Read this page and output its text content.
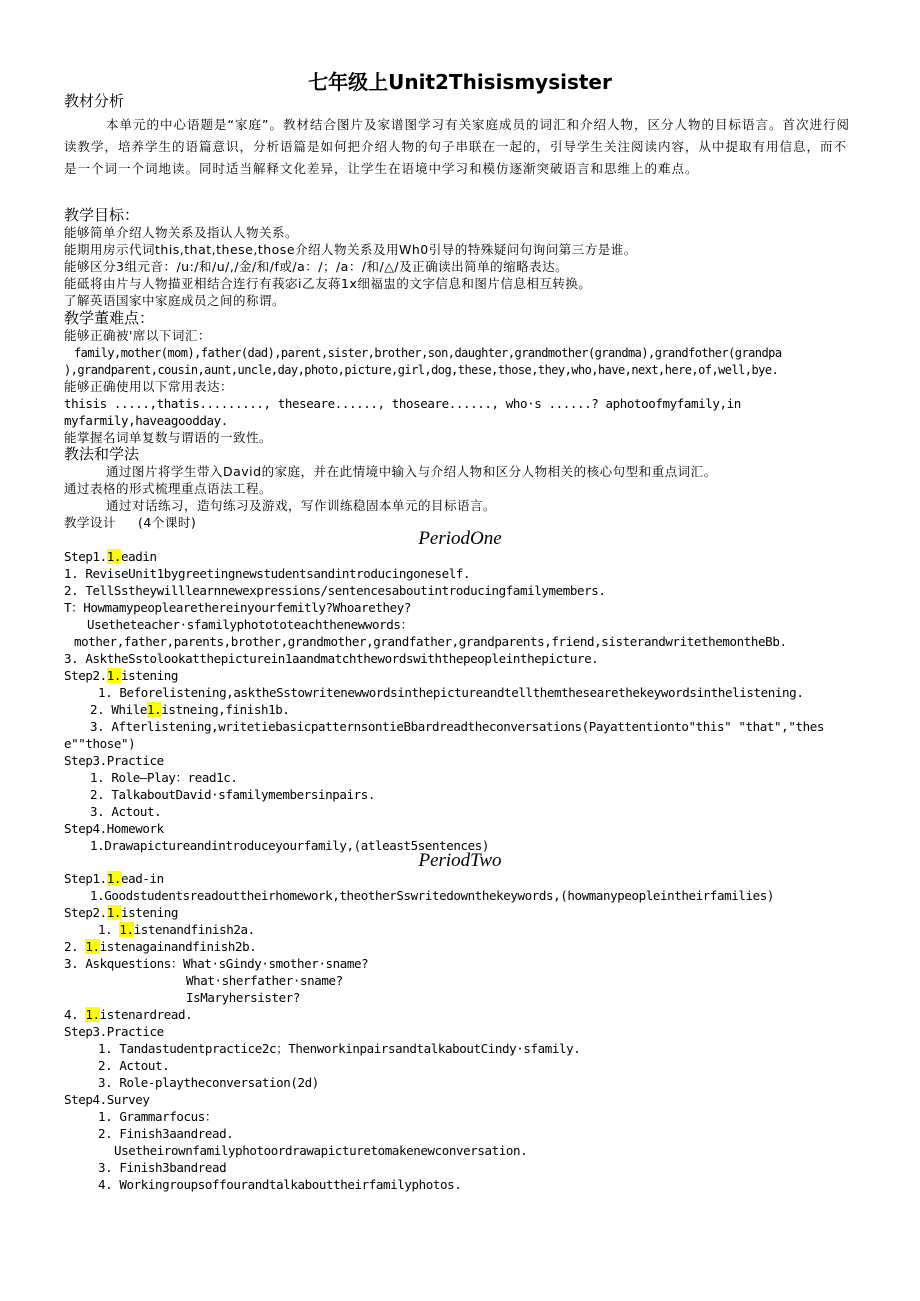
七年级上Unit2Thisismysister
教材分析
本单元的中心语题是“家庭”。教材结合图片及家谱图学习有关家庭成员的词汇和介绍人物，区分人物的目标语言。首次进行阅读教学，培养学生的语篇意识，分析语篇是如何把介绍人物的句子串联在一起的，引导学生关注阅读内容，从中提取有用信息，而不是一个词一个词地读。同时适当解释文化差异，让学生在语境中学习和模仿逐渐突破语言和思维上的难点。
教学目标：
能够简单介绍人物关系及指认人物关系。
能期用房示代词this,that,these,those介绍人物关系及用Wh0引导的特殊疑问句询问第三方是谁。
能够区分3组元音：/u:/和/u/,/金/和/f或/a：/；/a：/和/△/及正确读出简单的缩略表达。
能砥将由片与人物描亚相结合连行有莪宓i乙友蒋1x细福盅的文字信息和图片信息相互转换。
了解英语国家中家庭成员之间的称谓。
敎学董难点：
能够正确被'席以下词汇：
family,mother(mom),father(dad),parent,sister,brother,son,daughter,grandmother(grandma),grandfother(grandpa
),grandparent,cousin,aunt,uncle,day,photo,picture,girl,dog,these,those,they,who,have,next,here,of,well,bye.
能够正确使用以下常用表达：
thisis .....,thatis........., theseare......, thoseare......, who·s ......? aphotoofmyfamily,in
myfarmily,haveagoodday.
能掌握名词单复数与谓语的一致性。
教法和学法
通过图片将学生带入David的家庭，并在此情境中输入与介绍人物和区分人物相关的核心句型和重点词汇。
通过表格的形式梳理重点语法工程。
通过对话练习，造句练习及游戏，写作训练稳固本单元的目标语言。
教学设计 (4个课时)
PeriodOne
Step1.1.eadin
1. ReviseUnit1bygreetingnewstudentsandintroducingoneself.
2. TellSstheywilllearnnewexpressions/sentencesaboutintroducingfamilymembers.
T：Howmamypeoplearethereinyourfemitly?Whoarethey?
Usetheteacher·sfamilyphotototeachthenewwords：
mother,father,parents,brother,grandmother,grandfather,grandparents,friend,sisterandwritethemontheBb.
3. AsktheSstolookatthepicturein1aandmatchthewordswiththepeopleinthepicture.
Step2.1.istening
1. Beforelistening,asktheSstowritenewwordsinthepictureandtellthemthesearethekeywordsinthelistening.
2. While1.istneing,finish1b.
3. Afterlistening,writetiebasicpatternsontieBbardreadtheconversations(Payattentionto"this" "that","thes
e""those")
Step3.Practice
1. Role—Play：read1c.
2. TalkaboutDavid·sfamilymembersinpairs.
3. Actout.
Step4.Homework
1.Drawapictureandintroduceyourfamily,(atleast5sentences)
PeriodTwo
Step1.1.ead-in
1.Goodstudentsreadouttheirhomework,theotherSswritedownthekeywords,(howmanypeopleintheirfamilies)
Step2.1.istening
1. 1.istenandfinish2a.
2. 1.istenagainandfinish2b.
3. Askquestions：What·sGindy·smother·sname?
What·sherfather·sname?
IsMaryhersister?
4. 1.istenardread.
Step3.Practice
1. Tandastudentpractice2c；ThenworkinpairsandtalkaboutCindy·sfamily.
2. Actout.
3. Role-playtheconversation(2d)
Step4.Survey
1. Grammarfocus：
2. Finish3aandread.
Usetheirownfamilyphotoordrawapicturetomakenewconversation.
3. Finish3bandread
4. Workingroupsoffourandtalkabouttheirfamilyphotos.
